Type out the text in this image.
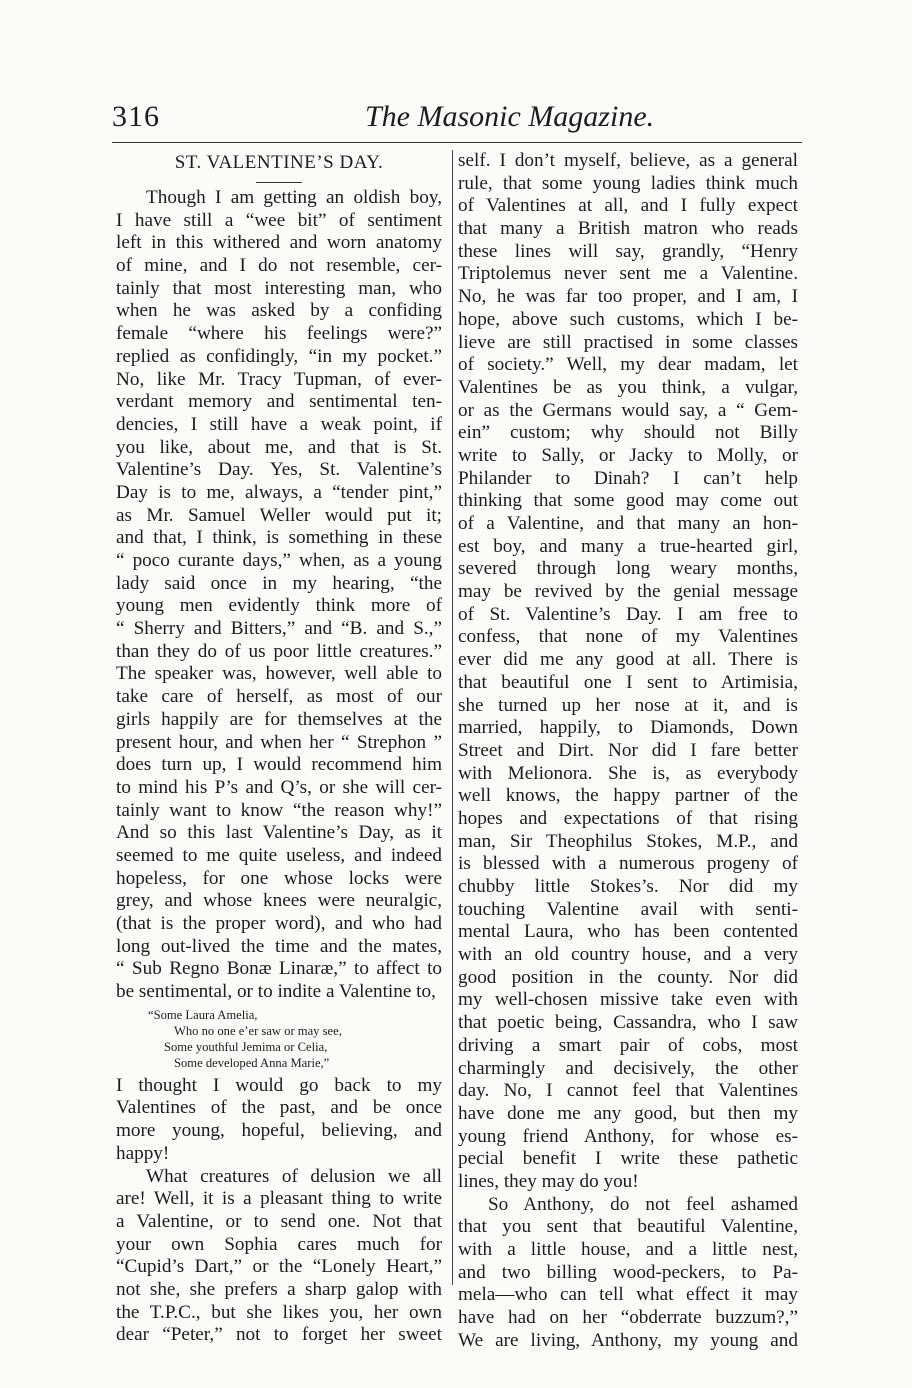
316	The Masonic Magazine.
ST. VALENTINE’S DAY.
Though I am getting an oldish boy,
I have still a “wee bit” of sentiment
left in this withered and worn anatomy
of mine, and I do not resemble, cer-
tainly that most interesting man, who
when he was asked by a confiding
female “where his feelings were?”
replied as confidingly, “in my pocket.”
No, like Mr. Tracy Tupman, of ever-
verdant memory and sentimental ten-
dencies, I still have a weak point, if
you like, about me, and that is St.
Valentine’s Day. Yes, St. Valentine’s
Day is to me, always, a “tender pint,”
as Mr. Samuel Weller would put it;
and that, I think, is something in these
“ poco curante days,” when, as a young
lady said once in my hearing, “the
young men evidently think more of
“ Sherry and Bitters,” and “B. and S.,”
than they do of us poor little creatures.”
The speaker was, however, well able to
take care of herself, as most of our
girls happily are for themselves at the
present hour, and when her “ Strephon ”
does turn up, I would recommend him
to mind his P’s and Q’s, or she will cer-
tainly want to know “the reason why!”
And so this last Valentine’s Day, as it
seemed to me quite useless, and indeed
hopeless, for one whose locks were
grey, and whose knees were neuralgic,
(that is the proper word), and who had
long out-lived the time and the mates,
“ Sub Regno Bonæ Linaræ,” to affect to
be sentimental, or to indite a Valentine to,
“Some Laura Amelia,
Who no one e’er saw or may see,
Some youthful Jemima or Celia,
Some developed Anna Marie,”
I thought I would go back to my
Valentines of the past, and be once
more young, hopeful, believing, and
happy!
What creatures of delusion we all
are! Well, it is a pleasant thing to write
a Valentine, or to send one. Not that
your own Sophia cares much for
“Cupid’s Dart,” or the “Lonely Heart,”
not she, she prefers a sharp galop with
the T.P.C., but she likes you, her own
dear “Peter,” not to forget her sweet
self. I don’t myself, believe, as a general
rule, that some young ladies think much
of Valentines at all, and I fully expect
that many a British matron who reads
these lines will say, grandly, “Henry
Triptolemus never sent me a Valentine.
No, he was far too proper, and I am, I
hope, above such customs, which I be-
lieve are still practised in some classes
of society.” Well, my dear madam, let
Valentines be as you think, a vulgar,
or as the Germans would say, a “ Gem-
ein” custom; why should not Billy
write to Sally, or Jacky to Molly, or
Philander to Dinah? I can’t help
thinking that some good may come out
of a Valentine, and that many an hon-
est boy, and many a true-hearted girl,
severed through long weary months,
may be revived by the genial message
of St. Valentine’s Day. I am free to
confess, that none of my Valentines
ever did me any good at all. There is
that beautiful one I sent to Artimisia,
she turned up her nose at it, and is
married, happily, to Diamonds, Down
Street and Dirt. Nor did I fare better
with Melionora. She is, as everybody
well knows, the happy partner of the
hopes and expectations of that rising
man, Sir Theophilus Stokes, M.P., and
is blessed with a numerous progeny of
chubby little Stokes’s. Nor did my
touching Valentine avail with senti-
mental Laura, who has been contented
with an old country house, and a very
good position in the county. Nor did
my well-chosen missive take even with
that poetic being, Cassandra, who I saw
driving a smart pair of cobs, most
charmingly and decisively, the other
day. No, I cannot feel that Valentines
have done me any good, but then my
young friend Anthony, for whose es-
pecial benefit I write these pathetic
lines, they may do you!
So Anthony, do not feel ashamed
that you sent that beautiful Valentine,
with a little house, and a little nest,
and two billing wood-peckers, to Pa-
mela—who can tell what effect it may
have had on her “obderrate buzzum?,”
We are living, Anthony, my young and
